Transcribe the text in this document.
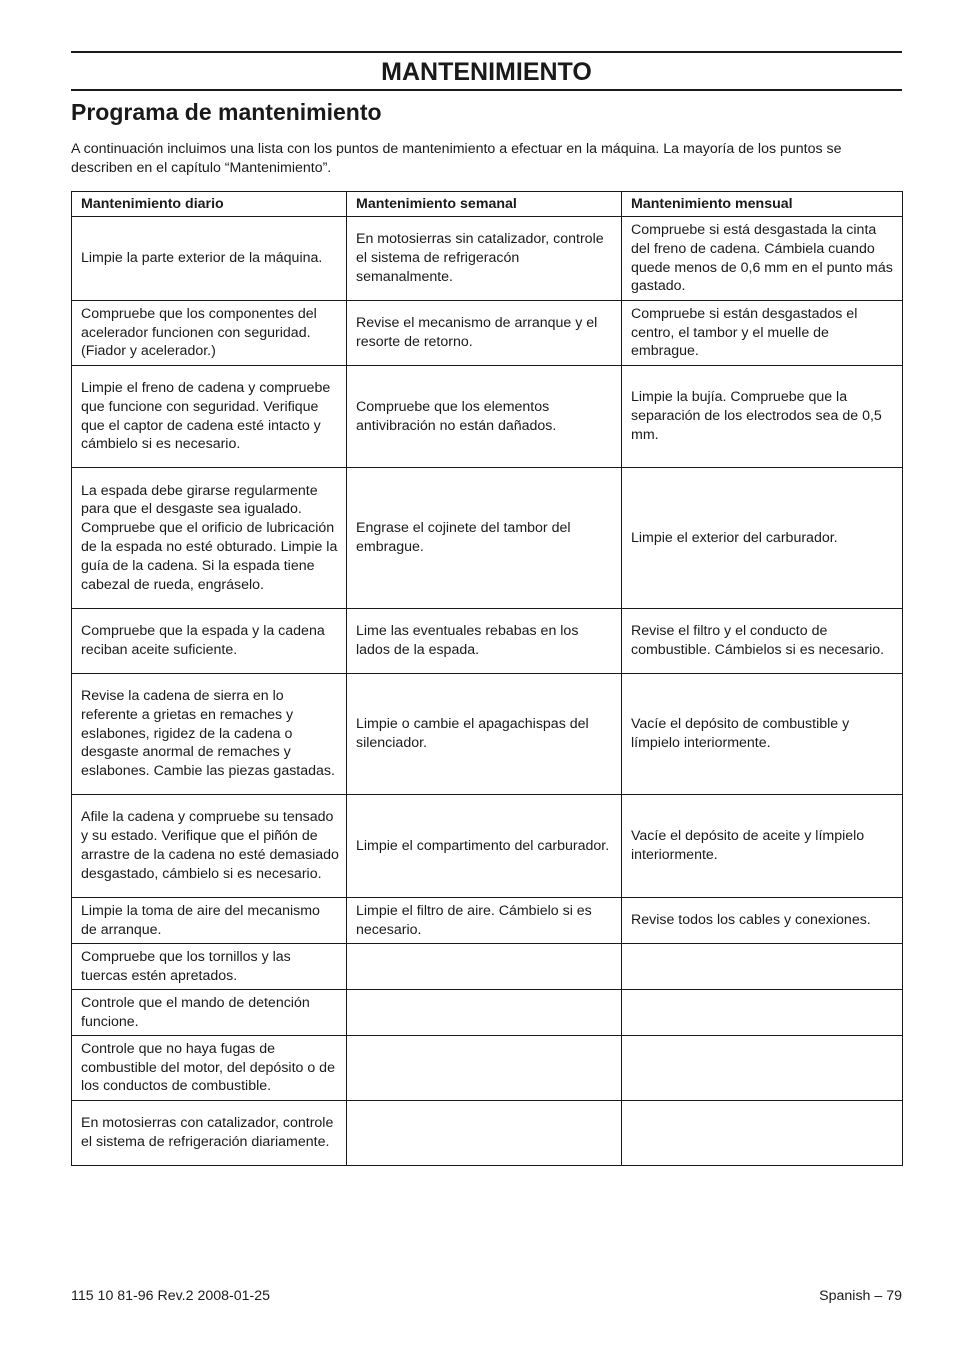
MANTENIMIENTO
Programa de mantenimiento

A continuación incluimos una lista con los puntos de mantenimiento a efectuar en la máquina. La mayoría de los puntos se describen en el capítulo “Mantenimiento”.

Mantenimiento diario	Mantenimiento semanal	Mantenimiento mensual
Limpie la parte exterior de la máquina.	En motosierras sin catalizador, controle el sistema de refrigeracón semanalmente.	Compruebe si está desgastada la cinta del freno de cadena. Cámbiela cuando quede menos de 0,6 mm en el punto más gastado.
Compruebe que los componentes del acelerador funcionen con seguridad. (Fiador y acelerador.)	Revise el mecanismo de arranque y el resorte de retorno.	Compruebe si están desgastados el centro, el tambor y el muelle de embrague.
Limpie el freno de cadena y compruebe que funcione con seguridad. Verifique que el captor de cadena esté intacto y cámbielo si es necesario.	Compruebe que los elementos antivibración no están dañados.	Limpie la bujía. Compruebe que la separación de los electrodos sea de 0,5 mm.
La espada debe girarse regularmente para que el desgaste sea igualado. Compruebe que el orificio de lubricación de la espada no esté obturado. Limpie la guía de la cadena. Si la espada tiene cabezal de rueda, engráselo.	Engrase el cojinete del tambor del embrague.	Limpie el exterior del carburador.
Compruebe que la espada y la cadena reciban aceite suficiente.	Lime las eventuales rebabas en los lados de la espada.	Revise el filtro y el conducto de combustible. Cámbielos si es necesario.
Revise la cadena de sierra en lo referente a grietas en remaches y eslabones, rigidez de la cadena o desgaste anormal de remaches y eslabones. Cambie las piezas gastadas.	Limpie o cambie el apagachispas del silenciador.	Vacíe el depósito de combustible y límpielo interiormente.
Afile la cadena y compruebe su tensado y su estado. Verifique que el piñón de arrastre de la cadena no esté demasiado desgastado, cámbielo si es necesario.	Limpie el compartimento del carburador.	Vacíe el depósito de aceite y límpielo interiormente.
Limpie la toma de aire del mecanismo de arranque.	Limpie el filtro de aire. Cámbielo si es necesario.	Revise todos los cables y conexiones.
Compruebe que los tornillos y las tuercas estén apretados.		
Controle que el mando de detención funcione.		
Controle que no haya fugas de combustible del motor, del depósito o de los conductos de combustible.		
En motosierras con catalizador, controle el sistema de refrigeración diariamente.		

115 10 81-96 Rev.2 2008-01-25	Spanish – 79
